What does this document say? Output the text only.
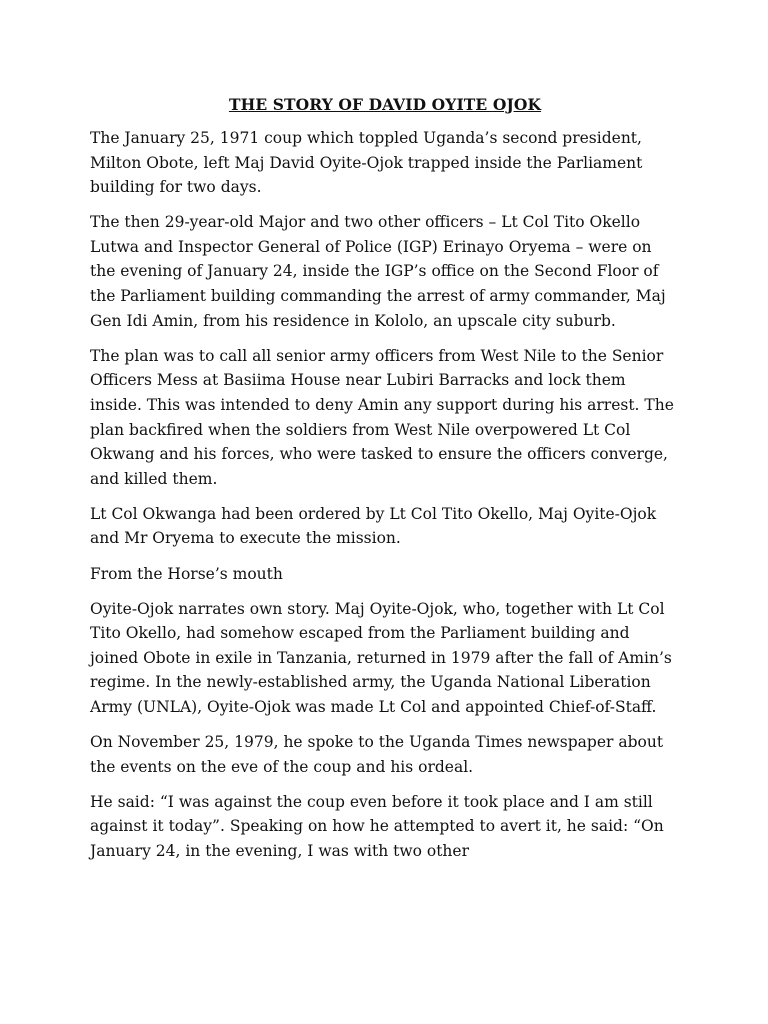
THE STORY OF DAVID OYITE OJOK

The January 25, 1971 coup which toppled Uganda’s second president, Milton Obote, left Maj David Oyite-Ojok trapped inside the Parliament building for two days.

The then 29-year-old Major and two other officers – Lt Col Tito Okello Lutwa and Inspector General of Police (IGP) Erinayo Oryema – were on the evening of January 24, inside the IGP’s office on the Second Floor of the Parliament building commanding the arrest of army commander, Maj Gen Idi Amin, from his residence in Kololo, an upscale city suburb.

The plan was to call all senior army officers from West Nile to the Senior Officers Mess at Basiima House near Lubiri Barracks and lock them inside. This was intended to deny Amin any support during his arrest. The plan backfired when the soldiers from West Nile overpowered Lt Col Okwang and his forces, who were tasked to ensure the officers converge, and killed them.

Lt Col Okwanga had been ordered by Lt Col Tito Okello, Maj Oyite-Ojok and Mr Oryema to execute the mission.

From the Horse’s mouth

Oyite-Ojok narrates own story. Maj Oyite-Ojok, who, together with Lt Col Tito Okello, had somehow escaped from the Parliament building and joined Obote in exile in Tanzania, returned in 1979 after the fall of Amin’s regime. In the newly-established army, the Uganda National Liberation Army (UNLA), Oyite-Ojok was made Lt Col and appointed Chief-of-Staff.

On November 25, 1979, he spoke to the Uganda Times newspaper about the events on the eve of the coup and his ordeal.

He said: “I was against the coup even before it took place and I am still against it today”. Speaking on how he attempted to avert it, he said: “On January 24, in the evening, I was with two other
